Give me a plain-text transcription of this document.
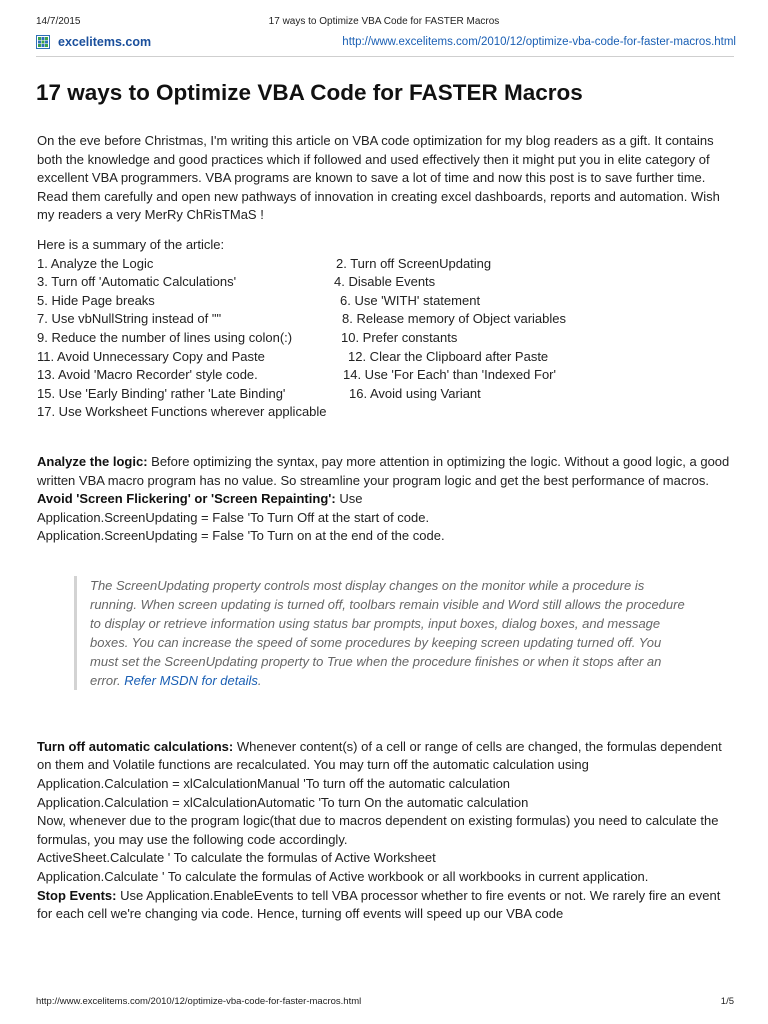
14/7/2015	17 ways to Optimize VBA Code for FASTER Macros
excelitems.com	http://www.excelitems.com/2010/12/optimize-vba-code-for-faster-macros.html
17 ways to Optimize VBA Code for FASTER Macros

On the eve before Christmas, I'm writing this article on VBA code optimization for my blog readers as a gift. It contains both the knowledge and good practices which if followed and used effectively then it might put you in elite category of excellent VBA programmers. VBA programs are known to save a lot of time and now this post is to save further time. Read them carefully and open new pathways of innovation in creating excel dashboards, reports and automation. Wish my readers a very MerRy ChRisTMaS !

Here is a summary of the article:

1. Analyze the Logic	2. Turn off ScreenUpdating
3. Turn off 'Automatic Calculations'	4. Disable Events
5. Hide Page breaks	6. Use 'WITH' statement
7. Use vbNullString instead of ""	8. Release memory of Object variables
9. Reduce the number of lines using colon(:)	10. Prefer constants
11. Avoid Unnecessary Copy and Paste	12. Clear the Clipboard after Paste
13. Avoid 'Macro Recorder' style code.	14. Use 'For Each' than 'Indexed For'
15. Use 'Early Binding' rather 'Late Binding'	16. Avoid using Variant
17. Use Worksheet Functions wherever applicable

Analyze the logic: Before optimizing the syntax, pay more attention in optimizing the logic. Without a good logic, a good written VBA macro program has no value. So streamline your program logic and get the best performance of macros.

Avoid 'Screen Flickering' or 'Screen Repainting': Use

Application.ScreenUpdating = False 'To Turn Off at the start of code.

Application.ScreenUpdating = False 'To Turn on at the end of the code.

The ScreenUpdating property controls most display changes on the monitor while a procedure is running. When screen updating is turned off, toolbars remain visible and Word still allows the procedure to display or retrieve information using status bar prompts, input boxes, dialog boxes, and message boxes. You can increase the speed of some procedures by keeping screen updating turned off. You must set the ScreenUpdating property to True when the procedure finishes or when it stops after an error. Refer MSDN for details.

Turn off automatic calculations: Whenever content(s) of a cell or range of cells are changed, the formulas dependent on them and Volatile functions are recalculated. You may turn off the automatic calculation using

Application.Calculation = xlCalculationManual 'To turn off the automatic calculation

Application.Calculation = xlCalculationAutomatic 'To turn On the automatic calculation

Now, whenever due to the program logic(that due to macros dependent on existing formulas) you need to calculate the formulas, you may use the following code accordingly.

ActiveSheet.Calculate ' To calculate the formulas of Active Worksheet

Application.Calculate ' To calculate the formulas of Active workbook or all workbooks in current application.

Stop Events: Use Application.EnableEvents to tell VBA processor whether to fire events or not. We rarely fire an event for each cell we're changing via code. Hence, turning off events will speed up our VBA code

http://www.excelitems.com/2010/12/optimize-vba-code-for-faster-macros.html	1/5
